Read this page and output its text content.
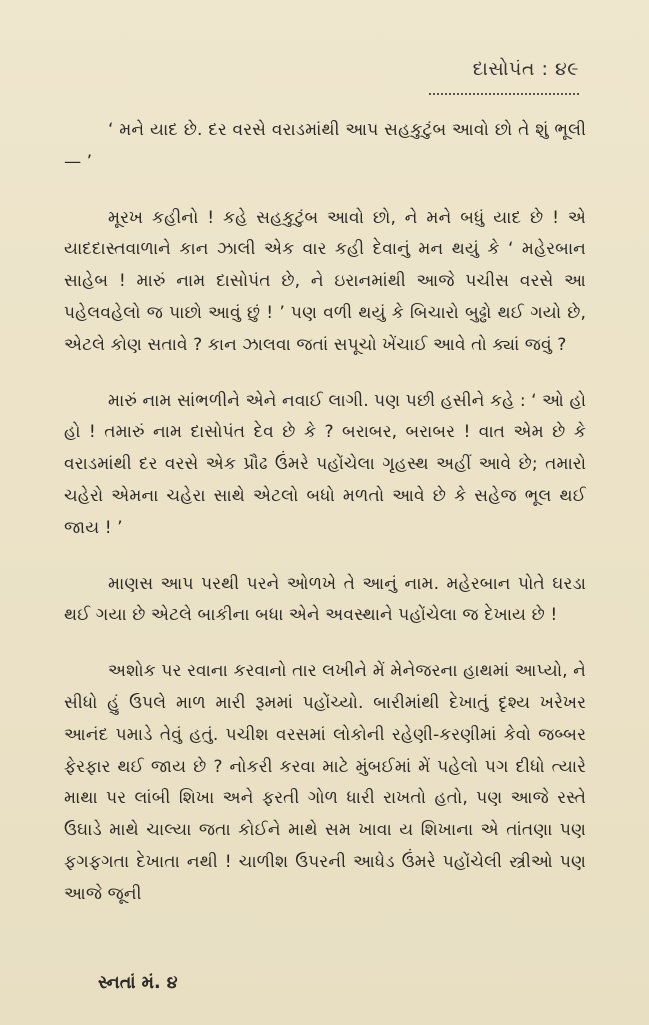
દાસોપંત : ૪૯

‘ મને યાદ છે. દર વરસે વરાડમાંથી આપ સહકુટુંબ આવો છો તે શું ભૂલી — ’

મૂરખ કહીનો ! કહે સહકુટુંબ આવો છો, ને મને બધું યાદ છે ! એ યાદદાસ્તવાળાને કાન ઝાલી એક વાર કહી દેવાનું મન થયું કે ‘ મહેરબાન સાહેબ ! મારું નામ દાસોપંત છે, ને ઇરાનમાંથી આજે પચીસ વરસે આ પહેલવહેલો જ પાછો આવું છું ! ’ પણ વળી થયું કે બિચારો બુઢ્ઢો થઈ ગયો છે, એટલે કોણ સતાવે ? કાન ઝાલવા જતાં સપૂચો ખેંચાઈ આવે તો ક્યાં જવું ?

મારું નામ સાંભળીને એને નવાઈ લાગી. પણ પછી હસીને કહે : ‘ ઓ હો હો ! તમારું નામ દાસોપંત દેવ છે કે ? બરાબર, બરાબર ! વાત એમ છે કે વરાડમાંથી દર વરસે એક પ્રૌઢ ઉંમરે પહોંચેલા ગૃહસ્થ અહીં આવે છે; તમારો ચહેરો એમના ચહેરા સાથે એટલો બધો મળતો આવે છે કે સહેજ ભૂલ થઈ જાય ! ’

માણસ આપ પરથી પરને ઓળખે તે આનું નામ. મહેરબાન પોતે ઘરડા થઈ ગયા છે એટલે બાકીના બધા એને અવસ્થાને પહોંચેલા જ દેખાય છે !

અશોક પર રવાના કરવાનો તાર લખીને મેં મેનેજરના હાથમાં આપ્યો, ને સીધો હું ઉપલે માળ મારી રૂમમાં પહોંચ્યો. બારીમાંથી દેખાતું દૃશ્ય ખરેખર આનંદ પમાડે તેવું હતું. પચીશ વરસમાં લોકોની રહેણી-કરણીમાં કેવો જબ્બર ફેરફાર થઈ જાય છે ? નોકરી કરવા માટે મુંબઈમાં મેં પહેલો પગ દીધો ત્યારે માથા પર લાંબી શિખા અને ફરતી ગોળ ધારી રાખતો હતો, પણ આજે રસ્તે ઉઘાડે માથે ચાલ્યા જતા કોઈને માથે સમ ખાવા ય શિખાના એ તાંતણા પણ ફગફગતા દેખાતા નથી ! ચાળીશ ઉપરની આધેડ ઉંમરે પહોંચેલી સ્ત્રીઓ પણ આજે જૂની

સ્નતાં મં. ૪
